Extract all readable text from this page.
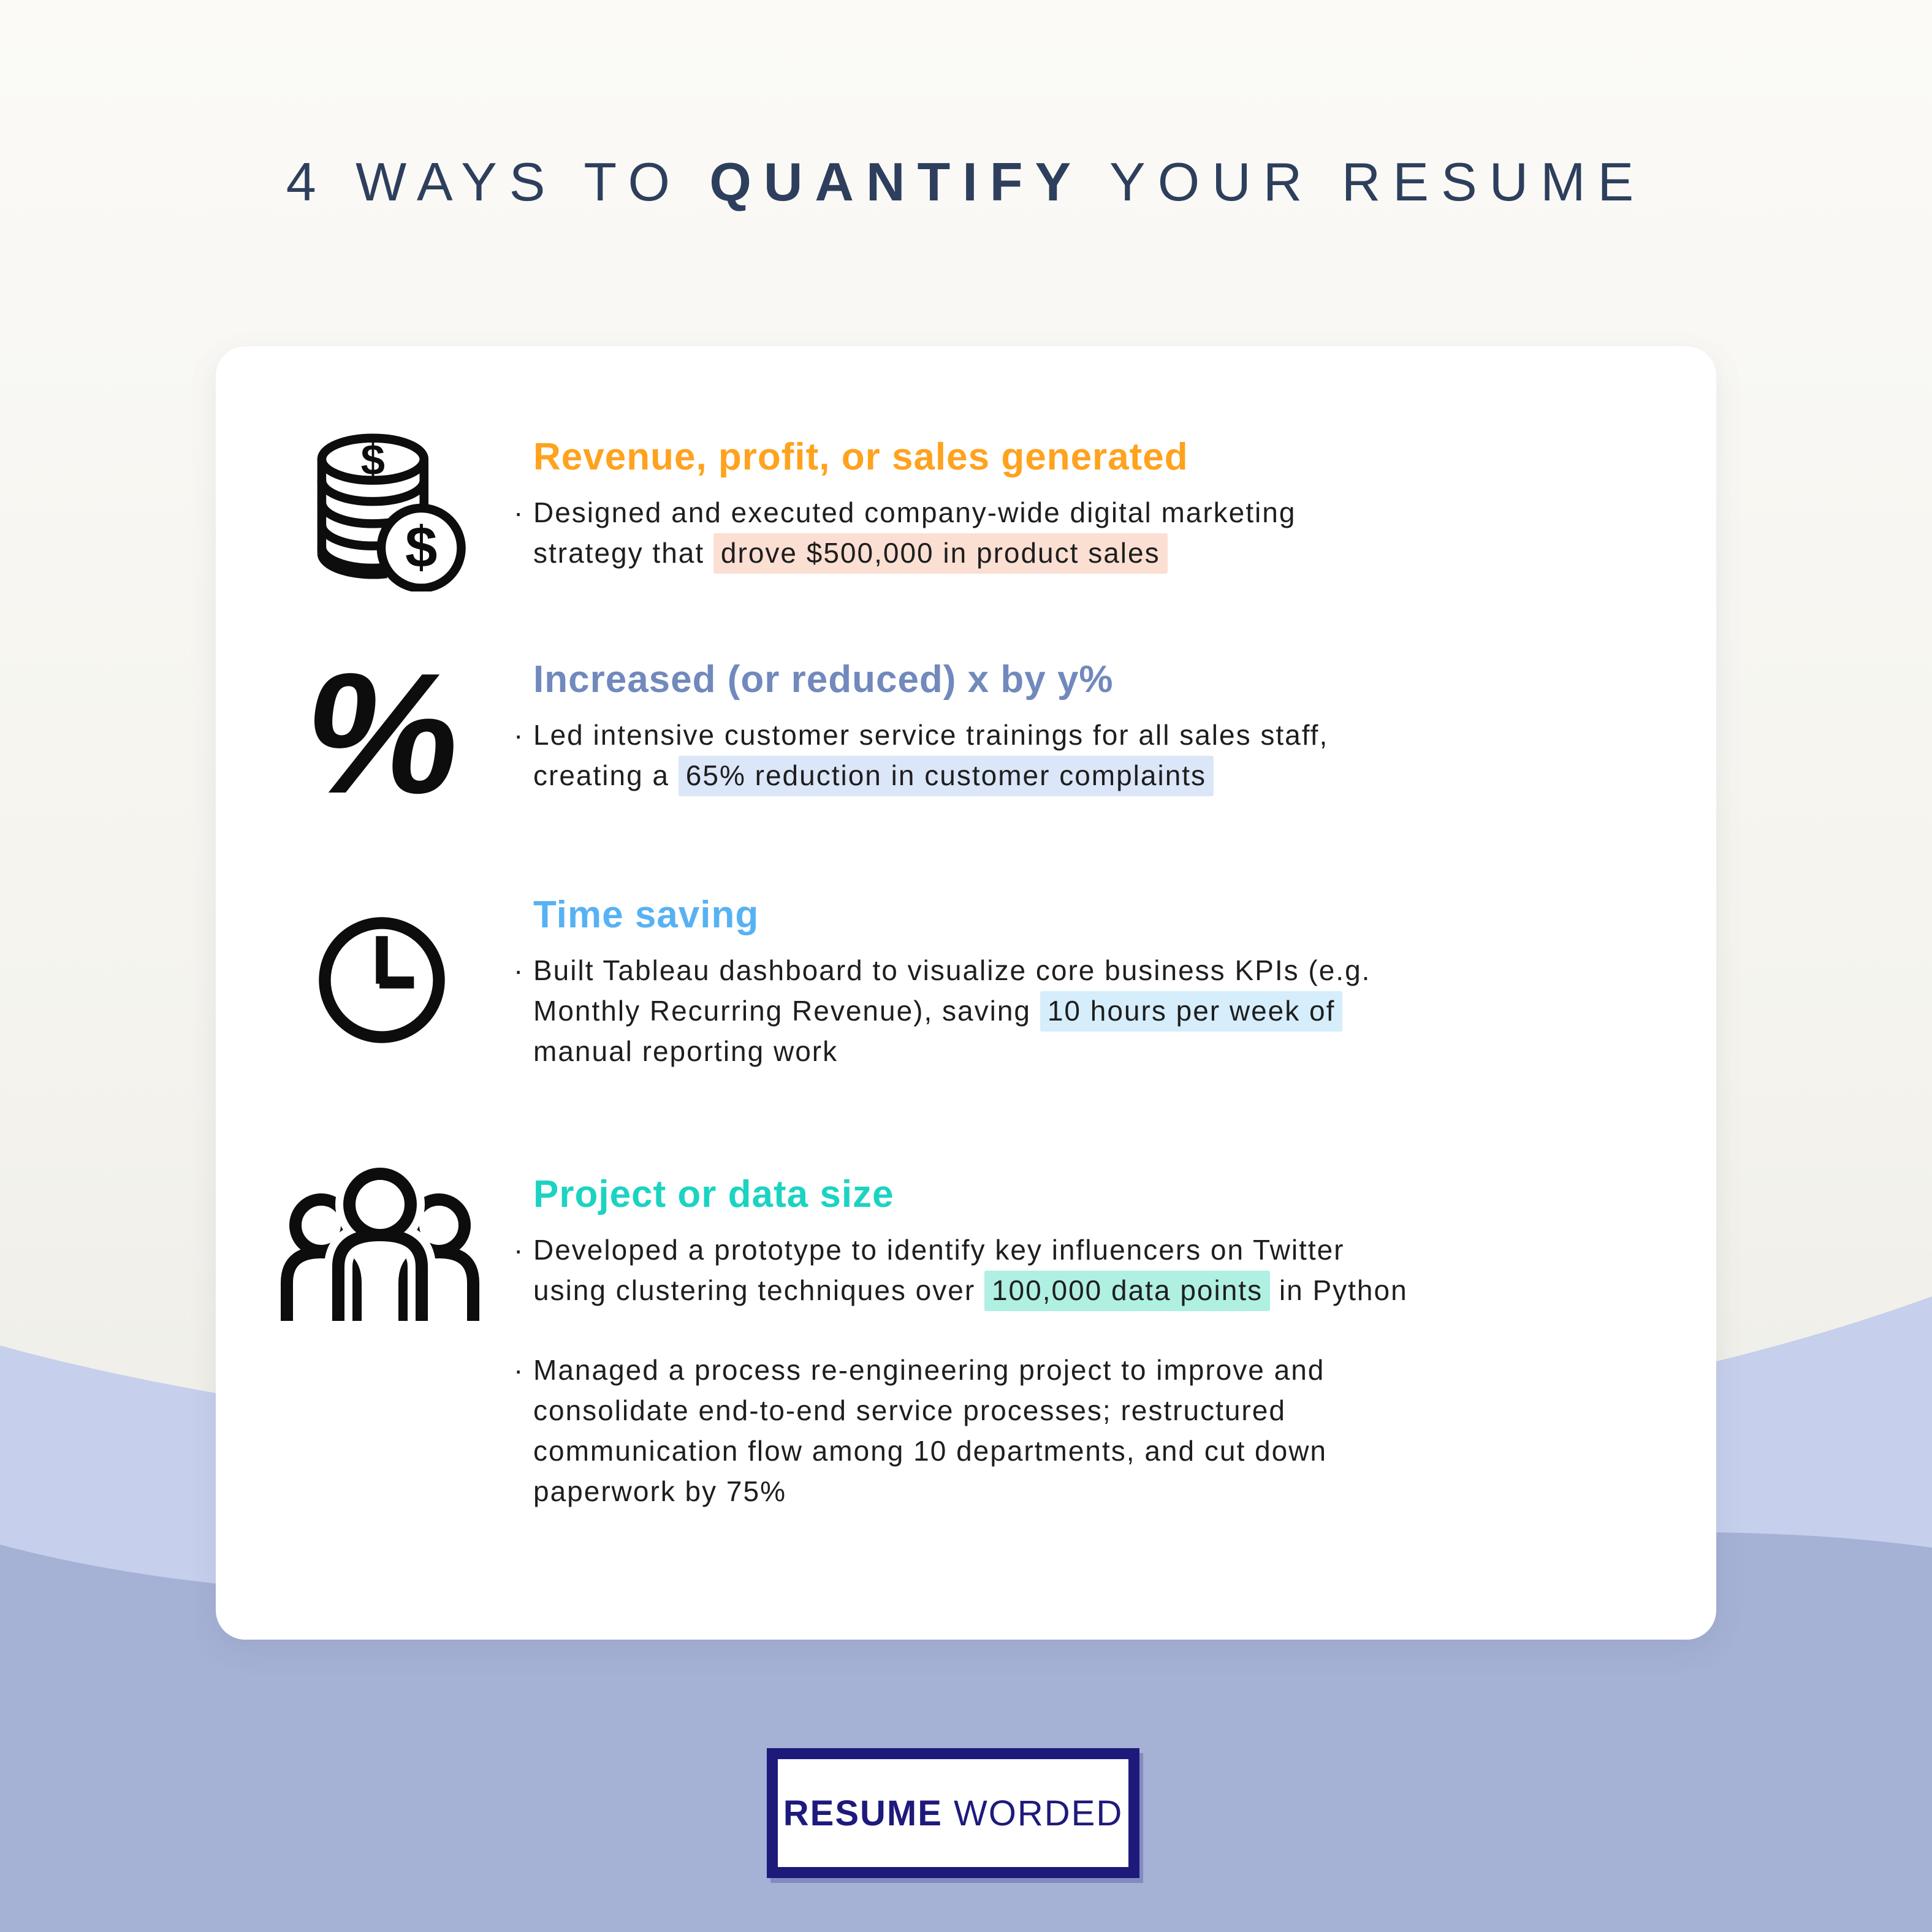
4 WAYS TO QUANTIFY YOUR RESUME
$
$
Revenue, profit, or sales generated
· Designed and executed company-wide digital marketing
strategy that drove $500,000 in product sales
% Increased (or reduced) x by y%
· Led intensive customer service trainings for all sales staff,
creating a 65% reduction in customer complaints
Time saving
· Built Tableau dashboard to visualize core business KPIs (e.g.
Monthly Recurring Revenue), saving 10 hours per week of
manual reporting work
Project or data size
· Developed a prototype to identify key influencers on Twitter
using clustering techniques over 100,000 data points in Python
· Managed a process re-engineering project to improve and
consolidate end-to-end service processes; restructured
communication flow among 10 departments, and cut down
paperwork by 75%
RESUME WORDED
